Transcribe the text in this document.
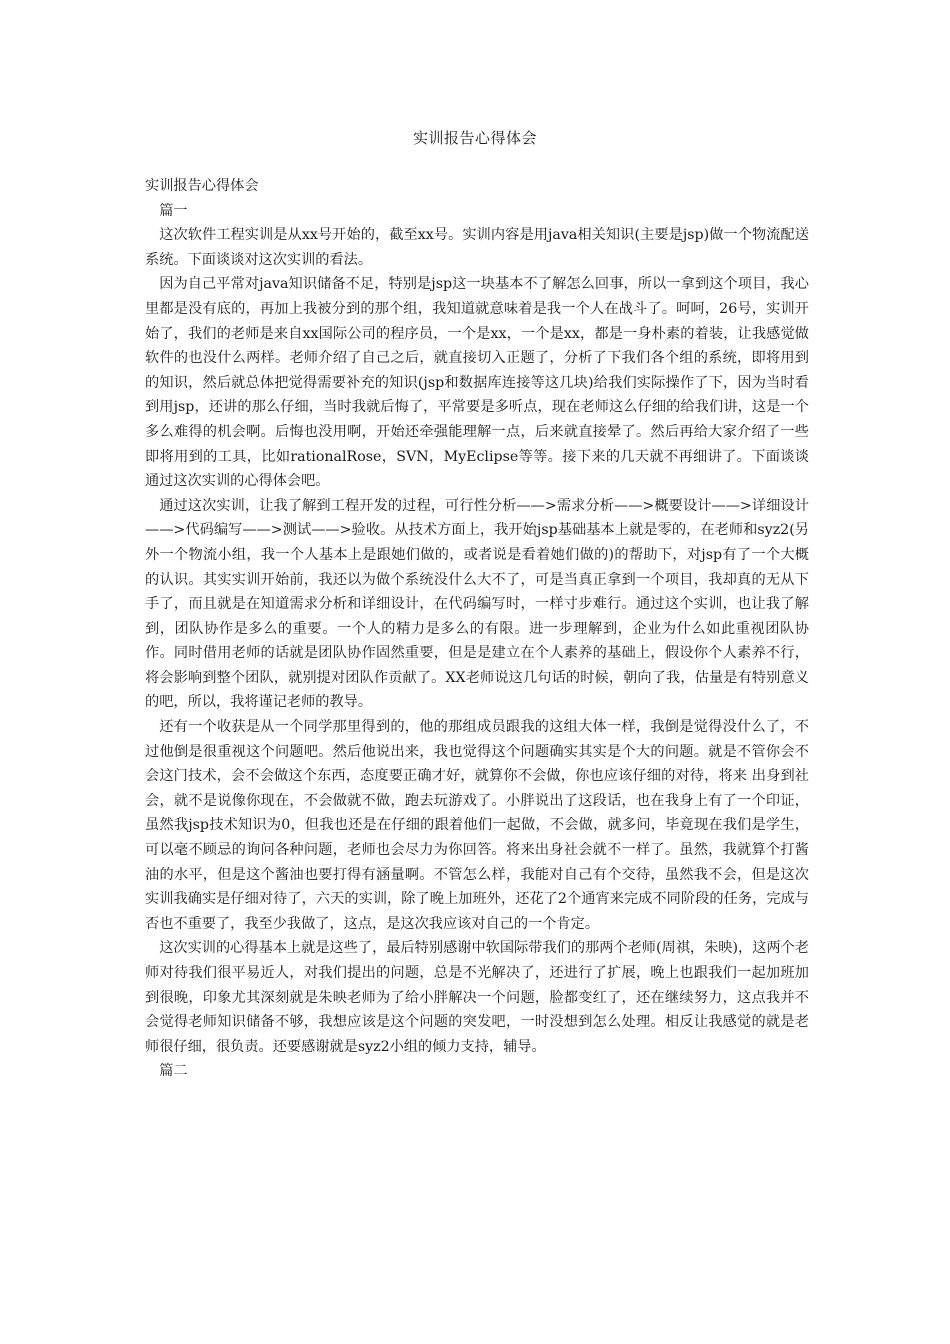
实训报告心得体会

实训报告心得体会

篇一

这次软件工程实训是从xx号开始的，截至xx号。实训内容是用java相关知识(主要是jsp)做一个物流配送系统。下面谈谈对这次实训的看法。

因为自己平常对java知识储备不足，特别是jsp这一块基本不了解怎么回事，所以一拿到这个项目，我心里都是没有底的，再加上我被分到的那个组，我知道就意味着是我一个人在战斗了。呵呵，26号，实训开始了，我们的老师是来自xx国际公司的程序员，一个是xx，一个是xx，都是一身朴素的着装，让我感觉做软件的也没什么两样。老师介绍了自己之后，就直接切入正题了，分析了下我们各个组的系统，即将用到的知识，然后就总体把觉得需要补充的知识(jsp和数据库连接等这几块)给我们实际操作了下，因为当时看到用jsp，还讲的那么仔细，当时我就后悔了，平常要是多听点，现在老师这么仔细的给我们讲，这是一个多么难得的机会啊。后悔也没用啊，开始还牵强能理解一点，后来就直接晕了。然后再给大家介绍了一些即将用到的工具，比如rationalRose，SVN，MyEclipse等等。接下来的几天就不再细讲了。下面谈谈通过这次实训的心得体会吧。

通过这次实训，让我了解到工程开发的过程，可行性分析——>需求分析——>概要设计——>详细设计——>代码编写——>测试——>验收。从技术方面上，我开始jsp基础基本上就是零的，在老师和syz2(另外一个物流小组，我一个人基本上是跟她们做的，或者说是看着她们做的)的帮助下，对jsp有了一个大概的认识。其实实训开始前，我还以为做个系统没什么大不了，可是当真正拿到一个项目，我却真的无从下手了，而且就是在知道需求分析和详细设计，在代码编写时，一样寸步难行。通过这个实训，也让我了解到，团队协作是多么的重要。一个人的精力是多么的有限。进一步理解到，企业为什么如此重视团队协作。同时借用老师的话就是团队协作固然重要，但是是建立在个人素养的基础上，假设你个人素养不行，将会影响到整个团队，就别提对团队作贡献了。XX老师说这几句话的时候，朝向了我，估量是有特别意义的吧，所以，我将谨记老师的教导。

还有一个收获是从一个同学那里得到的，他的那组成员跟我的这组大体一样，我倒是觉得没什么了，不过他倒是很重视这个问题吧。然后他说出来，我也觉得这个问题确实其实是个大的问题。就是不管你会不会这门技术，会不会做这个东西，态度要正确才好，就算你不会做，你也应该仔细的对待，将来 出身到社会，就不是说像你现在，不会做就不做，跑去玩游戏了。小胖说出了这段话，也在我身上有了一个印证，虽然我jsp技术知识为0，但我也还是在仔细的跟着他们一起做，不会做，就多问，毕竟现在我们是学生，可以毫不顾忌的询问各种问题，老师也会尽力为你回答。将来出身社会就不一样了。虽然，我就算个打酱油的水平，但是这个酱油也要打得有涵量啊。不管怎么样，我能对自己有个交待，虽然我不会，但是这次实训我确实是仔细对待了，六天的实训，除了晚上加班外，还花了2个通宵来完成不同阶段的任务，完成与否也不重要了，我至少我做了，这点，是这次我应该对自己的一个肯定。

这次实训的心得基本上就是这些了，最后特别感谢中软国际带我们的那两个老师(周祺，朱映)，这两个老师对待我们很平易近人，对我们提出的问题，总是不光解决了，还进行了扩展，晚上也跟我们一起加班加到很晚，印象尤其深刻就是朱映老师为了给小胖解决一个问题，脸都变红了，还在继续努力，这点我并不会觉得老师知识储备不够，我想应该是这个问题的突发吧，一时没想到怎么处理。相反让我感觉的就是老师很仔细，很负责。还要感谢就是syz2小组的倾力支持，辅导。

篇二
